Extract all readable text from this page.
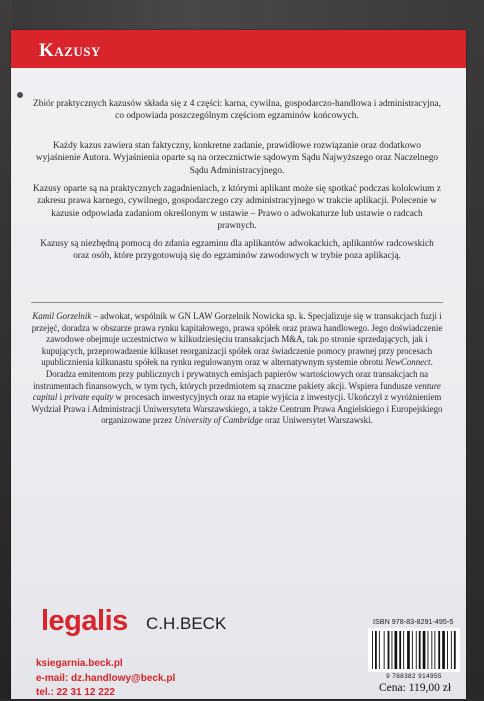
Kazusy
Zbiór praktycznych kazusów składa się z 4 części: karna, cywilna, gospodarczo-handlowa i administracyjna, co odpowiada poszczególnym częściom egzaminów końcowych.
Każdy kazus zawiera stan faktyczny, konkretne zadanie, prawidłowe rozwiązanie oraz dodatkowo wyjaśnienie Autora. Wyjaśnienia oparte są na orzecznictwie sądowym Sądu Najwyższego oraz Naczelnego Sądu Administracyjnego.
Kazusy oparte są na praktycznych zagadnieniach, z którymi aplikant może się spotkać podczas kolokwium z zakresu prawa karnego, cywilnego, gospodarczego czy administracyjnego w trakcie aplikacji. Polecenie w kazusie odpowiada zadaniom określonym w ustawie – Prawo o adwokaturze lub ustawie o radcach prawnych.
Kazusy są niezbędną pomocą do zdania egzaminu dla aplikantów adwokackich, aplikantów radcowskich oraz osób, które przygotowują się do egzaminów zawodowych w trybie poza aplikacją.
Kamil Gorzelnik – adwokat, wspólnik w GN LAW Gorzelnik Nowicka sp. k. Specjalizuje się w transakcjach fuzji i przejęć, doradza w obszarze prawa rynku kapitałowego, prawa spółek oraz prawa handlowego. Jego doświadczenie zawodowe obejmuje uczestnictwo w kilkudziesięciu transakcjach M&A, tak po stronie sprzedających, jak i kupujących, przeprowadzenie kilkuset reorganizacji spółek oraz świadczenie pomocy prawnej przy procesach upublicznienia kilkunastu spółek na rynku regulowanym oraz w alternatywnym systemie obrotu NewConnect. Doradza emitentom przy publicznych i prywatnych emisjach papierów wartościowych oraz transakcjach na instrumentach finansowych, w tym tych, których przedmiotem są znaczne pakiety akcji. Wspiera fundusze venture capital i private equity w procesach inwestycyjnych oraz na etapie wyjścia z inwestycji. Ukończył z wyróżnieniem Wydział Prawa i Administracji Uniwersytetu Warszawskiego, a także Centrum Prawa Angielskiego i Europejskiego organizowane przez University of Cambridge oraz Uniwersytet Warszawski.
legalis C.H.BECK
ksiegarnia.beck.pl
e-mail: dz.handlowy@beck.pl
tel.: 22 31 12 222
ISBN 978-83-8291-495-5
9 788382 914955
Cena: 119,00 zł
